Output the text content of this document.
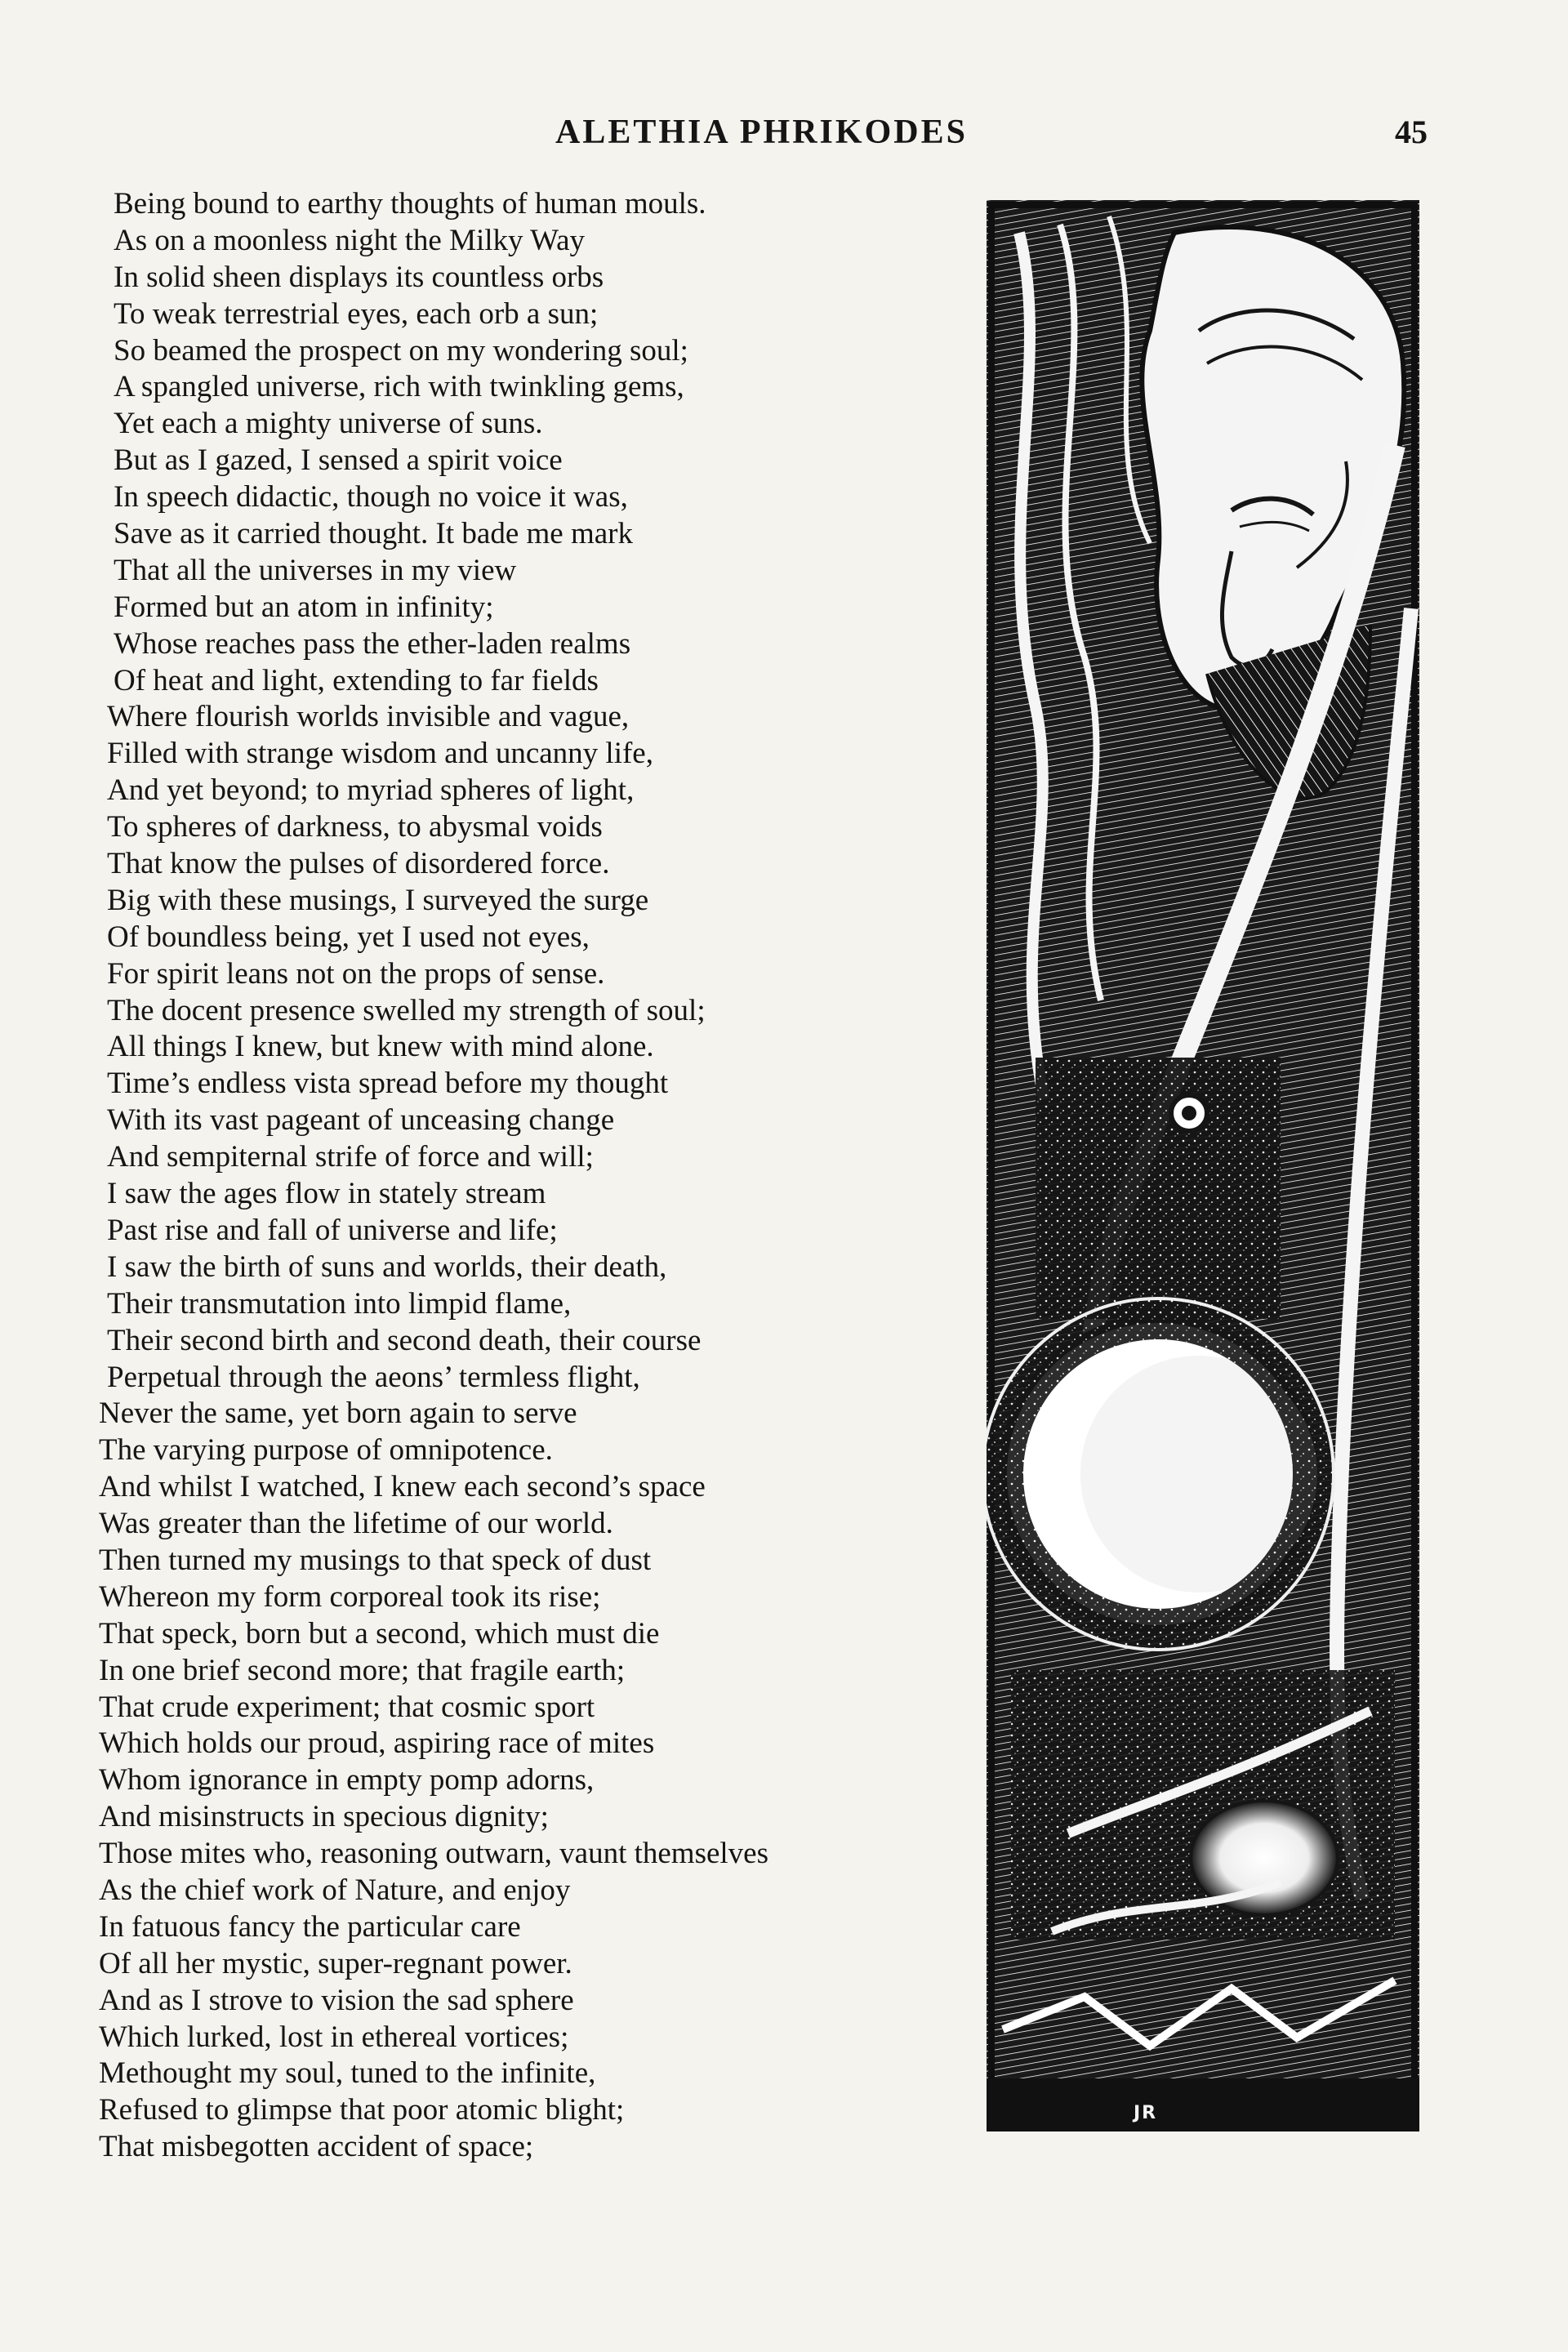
ALETHIA PHRIKODES	45
Being bound to earthy thoughts of human mouls.
As on a moonless night the Milky Way
In solid sheen displays its countless orbs
To weak terrestrial eyes, each orb a sun;
So beamed the prospect on my wondering soul;
A spangled universe, rich with twinkling gems,
Yet each a mighty universe of suns.
But as I gazed, I sensed a spirit voice
In speech didactic, though no voice it was,
Save as it carried thought. It bade me mark
That all the universes in my view
Formed but an atom in infinity;
Whose reaches pass the ether-laden realms
Of heat and light, extending to far fields
Where flourish worlds invisible and vague,
Filled with strange wisdom and uncanny life,
And yet beyond; to myriad spheres of light,
To spheres of darkness, to abysmal voids
That know the pulses of disordered force.
Big with these musings, I surveyed the surge
Of boundless being, yet I used not eyes,
For spirit leans not on the props of sense.
The docent presence swelled my strength of soul;
All things I knew, but knew with mind alone.
Time’s endless vista spread before my thought
With its vast pageant of unceasing change
And sempiternal strife of force and will;
I saw the ages flow in stately stream
Past rise and fall of universe and life;
I saw the birth of suns and worlds, their death,
Their transmutation into limpid flame,
Their second birth and second death, their course
Perpetual through the aeons’ termless flight,
Never the same, yet born again to serve
The varying purpose of omnipotence.
And whilst I watched, I knew each second’s space
Was greater than the lifetime of our world.
Then turned my musings to that speck of dust
Whereon my form corporeal took its rise;
That speck, born but a second, which must die
In one brief second more; that fragile earth;
That crude experiment; that cosmic sport
Which holds our proud, aspiring race of mites
Whom ignorance in empty pomp adorns,
And misinstructs in specious dignity;
Those mites who, reasoning outwarn, vaunt themselves
As the chief work of Nature, and enjoy
In fatuous fancy the particular care
Of all her mystic, super-regnant power.
And as I strove to vision the sad sphere
Which lurked, lost in ethereal vortices;
Methought my soul, tuned to the infinite,
Refused to glimpse that poor atomic blight;
That misbegotten accident of space;
JR
